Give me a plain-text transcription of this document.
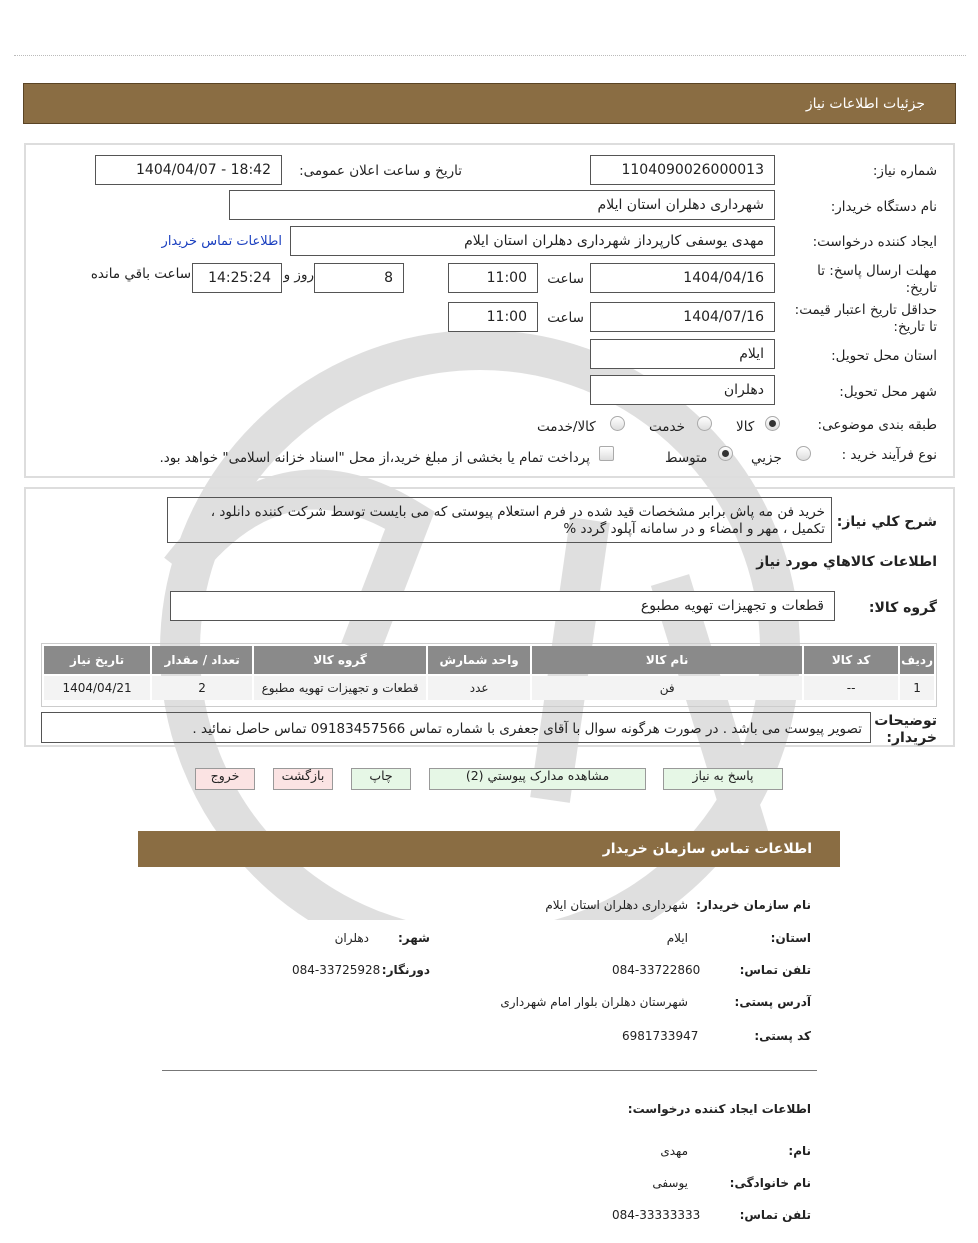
جزئیات اطلاعات نیاز
شماره نیاز:
1104090026000013
تاریخ و ساعت اعلان عمومی:
1404/04/07 - 18:42
نام دستگاه خریدار:
شهرداری دهلران استان ایلام
ایجاد کننده درخواست:
مهدی یوسفی کارپرداز شهرداری دهلران استان ایلام
اطلاعات تماس خریدار
مهلت ارسال پاسخ: تا تاریخ:
1404/04/16
ساعت
11:00
8
روز و
14:25:24
ساعت باقي مانده
حداقل تاریخ اعتبار قیمت: تا تاریخ:
1404/07/16
ساعت
11:00
استان محل تحویل:
ایلام
شهر محل تحویل:
دهلران
طبقه بندی موضوعی:
کالا
خدمت
کالا/خدمت
نوع فرآیند خرید :
جزیي
متوسط
پرداخت تمام یا بخشی از مبلغ خرید،از محل "اسناد خزانه اسلامی" خواهد بود.
شرح کلي نیاز:
خرید فن مه پاش برابر مشخصات قید شده در فرم استعلام پیوستی که می بایست توسط شرکت کننده دانلود ، تکمیل ، مهر و امضاء و در سامانه آپلود گردد %
اطلاعات کالاهاي مورد نیاز
گروه کالا:
قطعات و تجهیزات تهویه مطبوع
ردیف	کد کالا	نام کالا	واحد شمارش	گروه کالا	تعداد / مقدار	تاریخ نیاز
1	--	فن	عدد	قطعات و تجهیزات تهویه مطبوع	2	1404/04/21
توضیحات خریدار:
تصویر پیوست می باشد . در صورت هرگونه سوال با آقای جعفری با شماره تماس 09183457566 تماس حاصل نمائید .
پاسخ به نیاز
مشاهده مدارک پیوستي (2)
چاپ
بازگشت
خروج
اطلاعات تماس سازمان خریدار
نام سازمان خریدار:
شهرداری دهلران استان ایلام
استان:
ایلام
شهر:
دهلران
تلفن تماس:
084-33722860
دورنگار:
084-33725928
آدرس پستی:
شهرستان دهلران بلوار امام شهرداری
کد پستی:
6981733947
اطلاعات ایجاد کننده درخواست:
نام:
مهدی
نام خانوادگی:
یوسفی
تلفن تماس:
084-33333333
